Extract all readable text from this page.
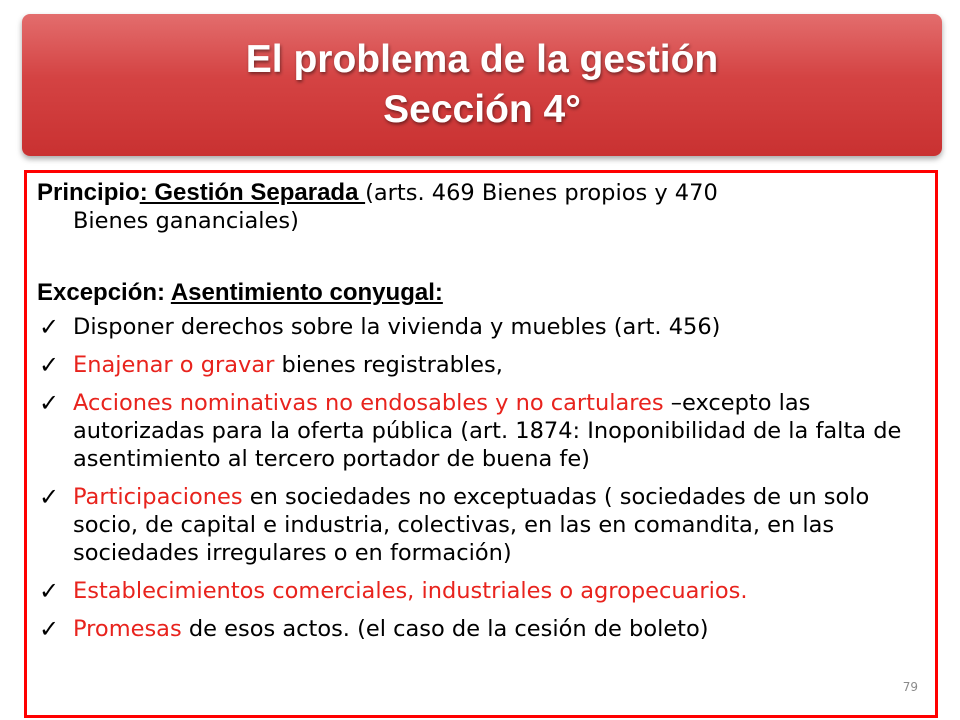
El problema de la gestión
Sección 4°

Principio: Gestión Separada (arts. 469 Bienes propios y 470
Bienes gananciales)

Excepción: Asentimiento conyugal:

✓ Disponer derechos sobre la vivienda y muebles (art. 456)

✓ Enajenar o gravar bienes registrables,

✓ Acciones nominativas no endosables y no cartulares –excepto las autorizadas para la oferta pública (art. 1874: Inoponibilidad de la falta de asentimiento al tercero portador de buena fe)

✓ Participaciones en sociedades no exceptuadas ( sociedades de un solo socio, de capital e industria, colectivas, en las en comandita, en las sociedades irregulares o en formación)

✓ Establecimientos comerciales, industriales o agropecuarios.

✓ Promesas de esos actos. (el caso de la cesión de boleto)

79
